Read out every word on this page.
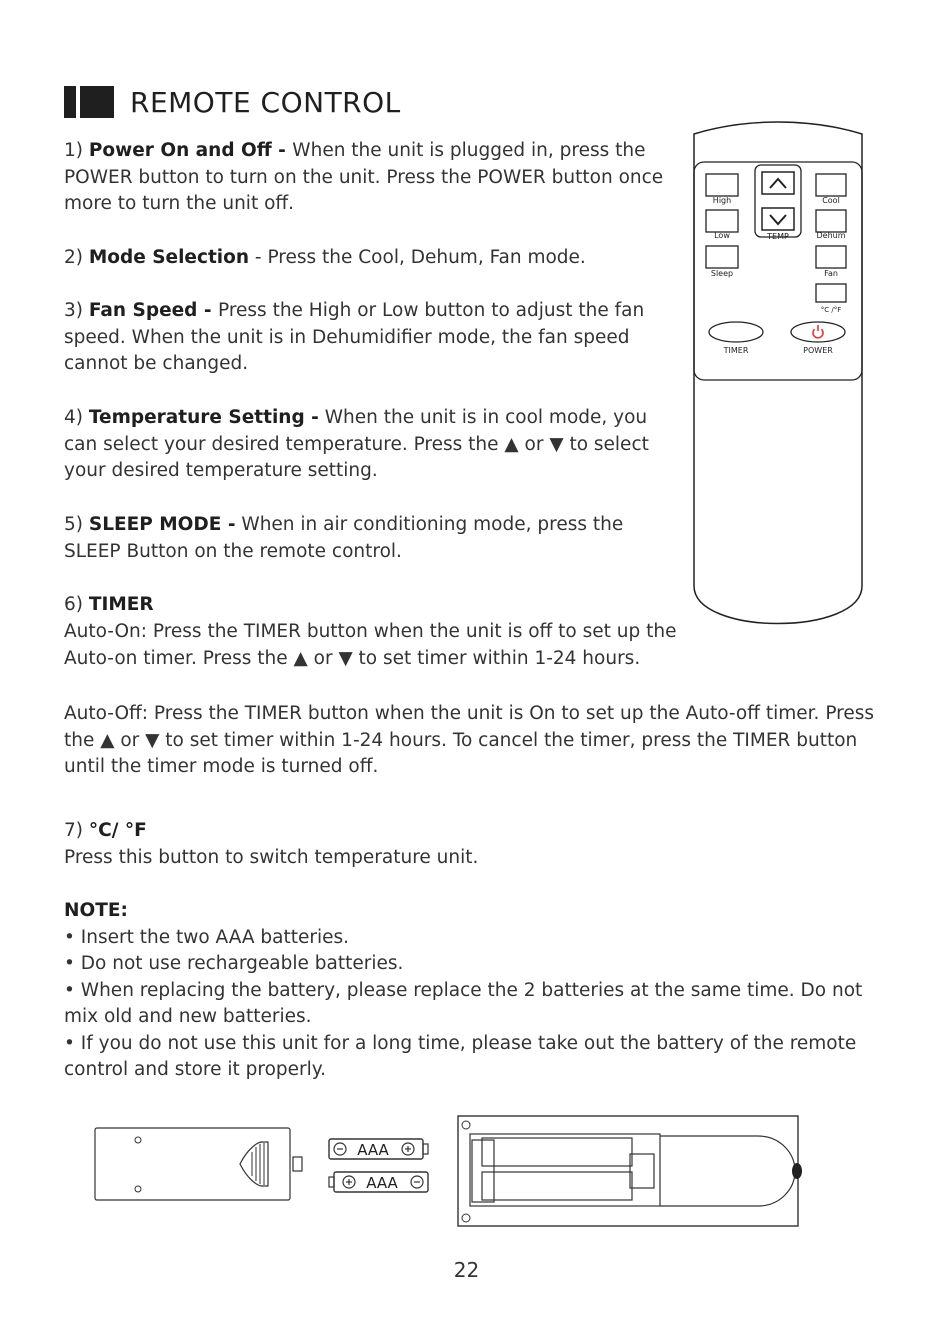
REMOTE CONTROL

1) Power On and Off - When the unit is plugged in, press the POWER button to turn on the unit. Press the POWER button once more to turn the unit off.

2) Mode Selection - Press the Cool, Dehum, Fan mode.

3) Fan Speed - Press the High or Low button to adjust the fan speed. When the unit is in Dehumidifier mode, the fan speed cannot be changed.

4) Temperature Setting - When the unit is in cool mode, you can select your desired temperature. Press the ▲ or ▼ to select your desired temperature setting.

5) SLEEP MODE - When in air conditioning mode, press the SLEEP Button on the remote control.

6) TIMER

Auto-On: Press the TIMER button when the unit is off to set up the Auto-on timer. Press the ▲ or ▼ to set timer within 1-24 hours.

Auto-Off: Press the TIMER button when the unit is On to set up the Auto-off timer. Press the ▲ or ▼ to set timer within 1-24 hours. To cancel the timer, press the TIMER button until the timer mode is turned off.

7) °C/ °F
Press this button to switch temperature unit.

NOTE:
• Insert the two AAA batteries.
• Do not use rechargeable batteries.
• When replacing the battery, please replace the 2 batteries at the same time. Do not mix old and new batteries.
• If you do not use this unit for a long time, please take out the battery of the remote control and store it properly.

High
Low
Sleep
TEMP
Cool
Dehum
Fan
°C /°F
TIMER	POWER
AAA
AAA
22
